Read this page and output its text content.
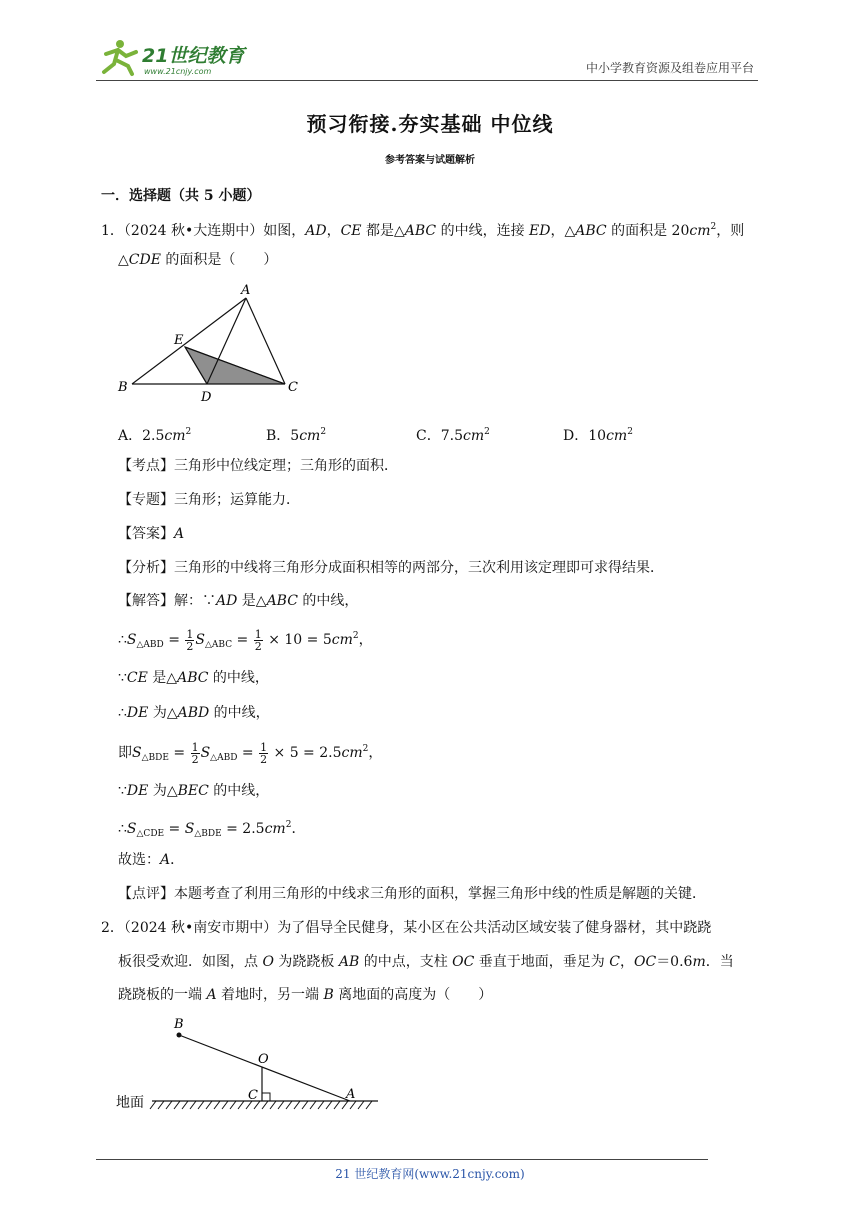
21世纪教育
www.21cnjy.com	中小学教育资源及组卷应用平台
预习衔接.夯实基础 中位线
参考答案与试题解析
一．选择题（共 5 小题）
1．（2024 秋•大连期中）如图，AD，CE 都是△ABC 的中线，连接 ED，△ABC 的面积是 $20cm^2$，则
△CDE 的面积是（　　）
A
E
B	C
D
A．$2.5cm^2$	B．$5cm^2$	C．$7.5cm^2$	D．$10cm^2$
【考点】三角形中位线定理；三角形的面积．
【专题】三角形；运算能力．
【答案】A
【分析】三角形的中线将三角形分成面积相等的两部分，三次利用该定理即可求得结果．
【解答】解：∵AD 是△ABC 的中线，
$\therefore S_{\triangle ABD} = \frac{1}{2} S_{\triangle ABC} = \frac{1}{2} \times 10 = 5cm^2$，
∵CE 是△ABC 的中线，
∴DE 为△ABD 的中线，
即$S_{\triangle BDE} = \frac{1}{2} S_{\triangle ABD} = \frac{1}{2} \times 5 = 2.5cm^2$，
∵DE 为△BEC 的中线，
$\therefore S_{\triangle CDE} = S_{\triangle BDE} = 2.5cm^2$．
故选：A．
【点评】本题考查了利用三角形的中线求三角形的面积，掌握三角形中线的性质是解题的关键．
2．（2024 秋•南安市期中）为了倡导全民健身，某小区在公共活动区域安装了健身器材，其中跷跷
板很受欢迎．如图，点 O 为跷跷板 AB 的中点，支柱 OC 垂直于地面，垂足为 C，OC＝0.6m．当
跷跷板的一端 A 着地时，另一端 B 离地面的高度为（　　）
B
O
C	A
地面
21 世纪教育网(www.21cnjy.com)
